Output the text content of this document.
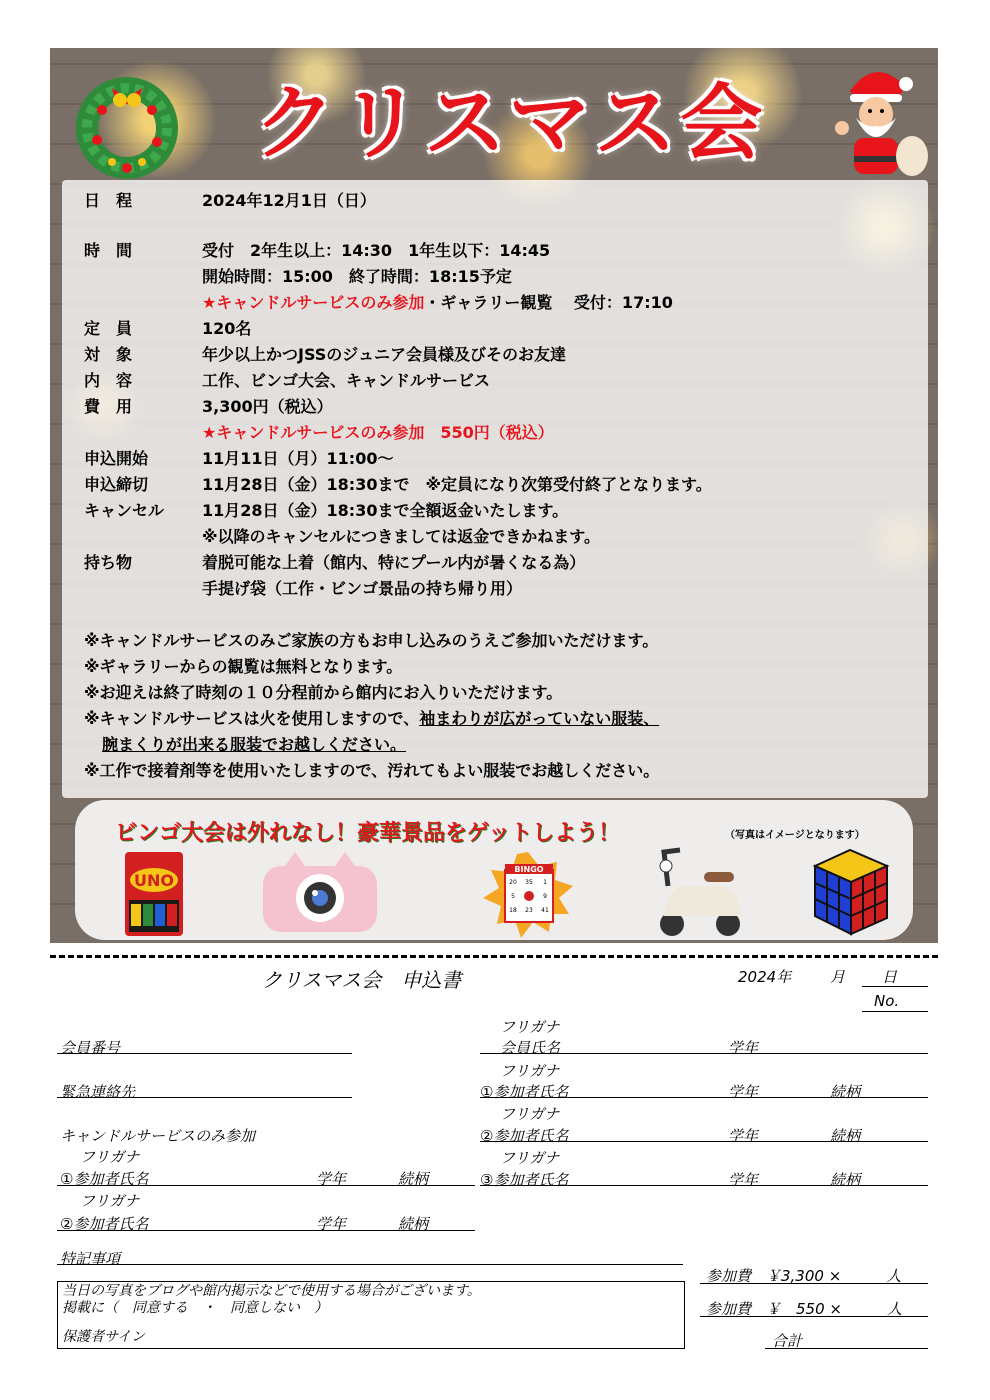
クリスマス会
日　程	2024年12月1日（日）
時　間	受付　2年生以上：14:30　1年生以下：14:45
開始時間：15:00　終了時間：18:15予定
★キャンドルサービスのみ参加・ギャラリー観覧　 受付：17:10
定　員	120名
対　象	年少以上かつJSSのジュニア会員様及びそのお友達
内　容	工作、ビンゴ大会、キャンドルサービス
費　用	3,300円（税込）
★キャンドルサービスのみ参加　550円（税込）
申込開始	11月11日（月）11:00～
申込締切	11月28日（金）18:30まで　※定員になり次第受付終了となります。
キャンセル 11月28日（金）18:30まで全額返金いたします。
※以降のキャンセルにつきましては返金できかねます。
持ち物	着脱可能な上着（館内、特にプール内が暑くなる為）
手提げ袋（工作・ビンゴ景品の持ち帰り用）
※キャンドルサービスのみご家族の方もお申し込みのうえご参加いただけます。
※ギャラリーからの観覧は無料となります。
※お迎えは終了時刻の１０分程前から館内にお入りいただけます。
※キャンドルサービスは火を使用しますので、袖まわりが広がっていない服装、
腕まくりが出来る服装でお越しください。
※工作で接着剤等を使用いたしますので、汚れてもよい服装でお越しください。
ビンゴ大会は外れなし！豪華景品をゲットしよう！	（写真はイメージとなります）
UNO
BINGO
20 35 1
5	9
18 23 41
クリスマス会　申込書	2024年	月 日
No.
会員番号
フリガナ
会員氏名	学年
緊急連絡先
フリガナ
①参加者氏名	学年	続柄
フリガナ
②参加者氏名	学年	続柄
キャンドルサービスのみ参加
フリガナ
①参加者氏名	学年	続柄
フリガナ
③参加者氏名	学年	続柄
フリガナ
②参加者氏名	学年	続柄
特記事項
当日の写真をブログや館内掲示などで使用する場合がございます。
掲載に（　同意する　・　同意しない　）
保護者サイン
参加費　￥3,300 ×　　　人
参加費　￥　550 ×　　　人
合計
